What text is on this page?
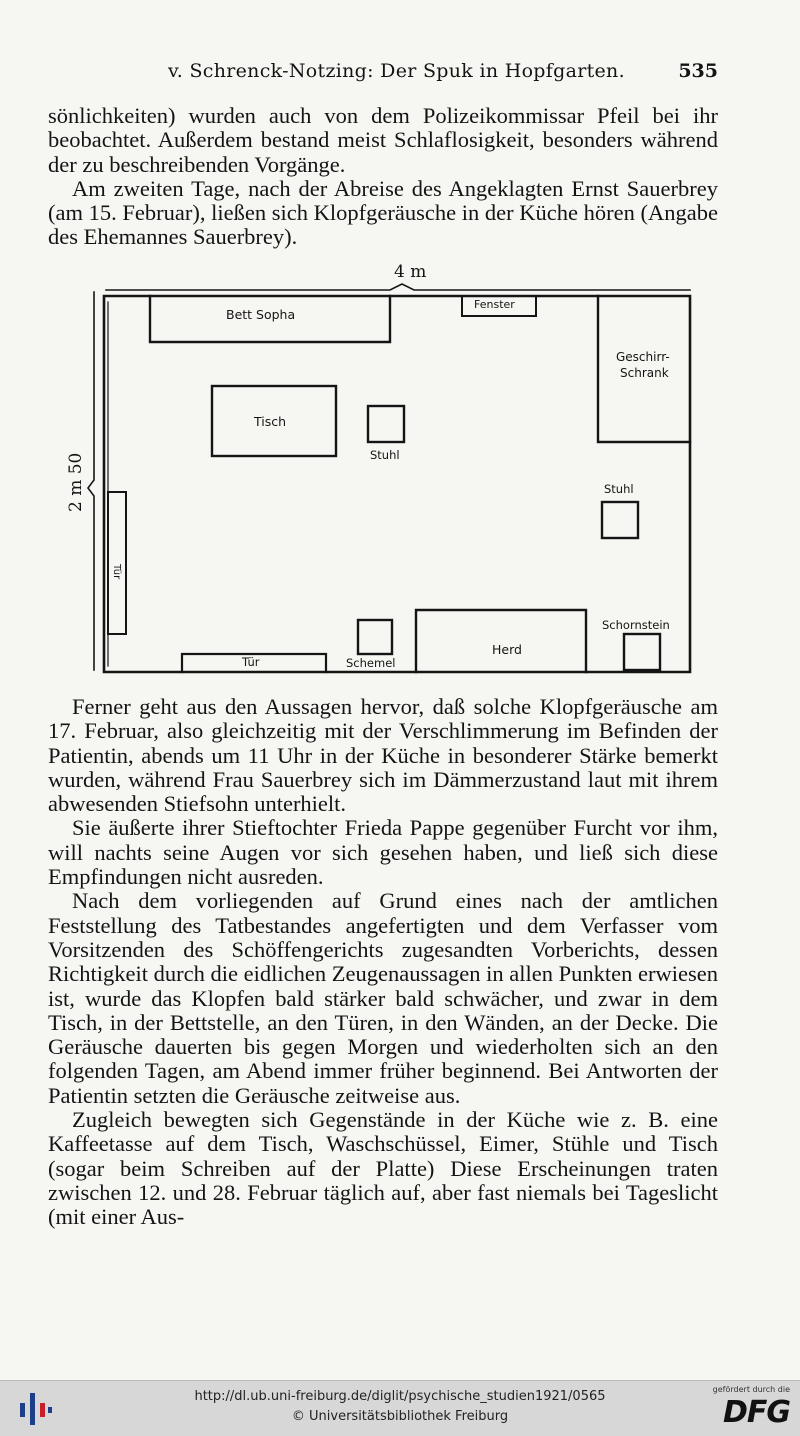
v. Schrenck-Notzing: Der Spuk in Hopfgarten.	535

sönlichkeiten) wurden auch von dem Polizeikommissar Pfeil bei ihr beobachtet. Außerdem bestand meist Schlaflosigkeit, besonders während der zu beschreibenden Vorgänge.

Am zweiten Tage, nach der Abreise des Angeklagten Ernst Sauerbrey (am 15. Februar), ließen sich Klopfgeräusche in der Küche hören (Angabe des Ehemannes Sauerbrey).

4 m
2 m 50
Bett Sopha
Fenster
Geschirr-
Schrank
Tisch
Stuhl
Stuhl
Tür
Schornstein
Herd
Schemel
Tür

Ferner geht aus den Aussagen hervor, daß solche Klopfgeräusche am 17. Februar, also gleichzeitig mit der Verschlimmerung im Befinden der Patientin, abends um 11 Uhr in der Küche in besonderer Stärke bemerkt wurden, während Frau Sauerbrey sich im Dämmerzustand laut mit ihrem abwesenden Stiefsohn unterhielt.

Sie äußerte ihrer Stieftochter Frieda Pappe gegenüber Furcht vor ihm, will nachts seine Augen vor sich gesehen haben, und ließ sich diese Empfindungen nicht ausreden.

Nach dem vorliegenden auf Grund eines nach der amtlichen Feststellung des Tatbestandes angefertigten und dem Verfasser vom Vorsitzenden des Schöffengerichts zugesandten Vorberichts, dessen Richtigkeit durch die eidlichen Zeugenaussagen in allen Punkten erwiesen ist, wurde das Klopfen bald stärker bald schwächer, und zwar in dem Tisch, in der Bettstelle, an den Türen, in den Wänden, an der Decke. Die Geräusche dauerten bis gegen Morgen und wiederholten sich an den folgenden Tagen, am Abend immer früher beginnend. Bei Antworten der Patientin setzten die Geräusche zeitweise aus.

Zugleich bewegten sich Gegenstände in der Küche wie z. B. eine Kaffeetasse auf dem Tisch, Waschschüssel, Eimer, Stühle und Tisch (sogar beim Schreiben auf der Platte) Diese Erscheinungen traten zwischen 12. und 28. Februar täglich auf, aber fast niemals bei Tageslicht (mit einer Aus-

http://dl.ub.uni-freiburg.de/diglit/psychische_studien1921/0565
© Universitätsbibliothek Freiburg
gefördert durch die
DFG
